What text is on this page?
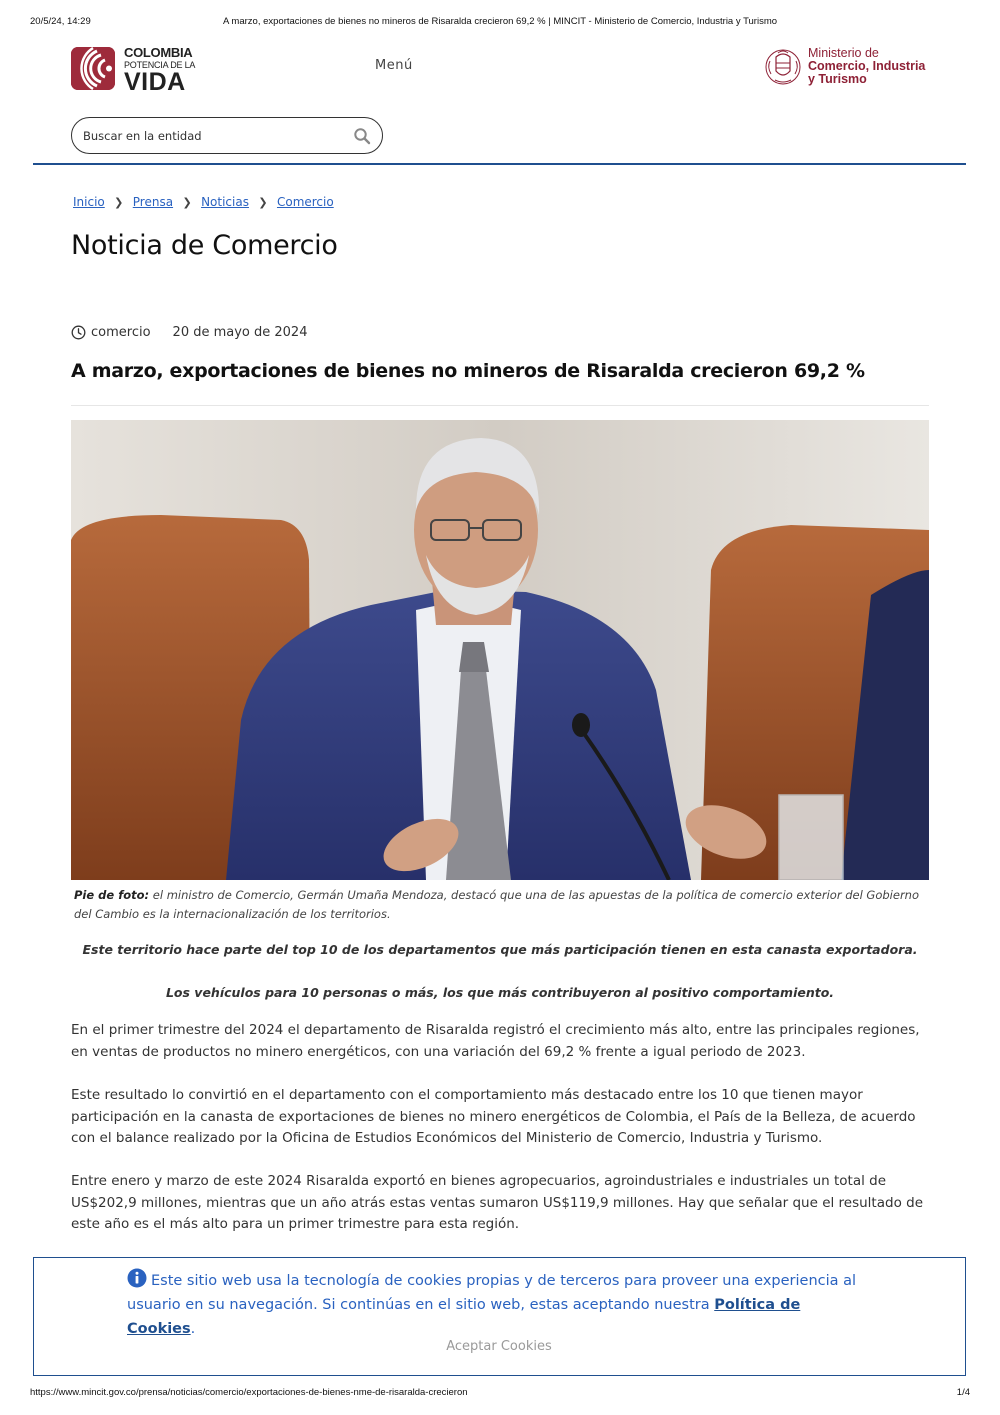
20/5/24, 14:29	A marzo, exportaciones de bienes no mineros de Risaralda crecieron 69,2 % | MINCIT - Ministerio de Comercio, Industria y Turismo
COLOMBIA
POTENCIA DE LA
VIDA
Menú
Ministerio de
Comercio, Industria
y Turismo
Buscar en la entidad
Inicio ❯ Prensa ❯ Noticias ❯ Comercio
Noticia de Comercio
comercio 20 de mayo de 2024
A marzo, exportaciones de bienes no mineros de Risaralda crecieron 69,2 %

Pie de foto: el ministro de Comercio, Germán Umaña Mendoza, destacó que una de las apuestas de la política de comercio exterior del Gobierno del Cambio es la internacionalización de los territorios.

Este territorio hace parte del top 10 de los departamentos que más participación tienen en esta canasta exportadora.

Los vehículos para 10 personas o más, los que más contribuyeron al positivo comportamiento.

En el primer trimestre del 2024 el departamento de Risaralda registró el crecimiento más alto, entre las principales regiones, en ventas de productos no minero energéticos, con una variación del 69,2 % frente a igual periodo de 2023.

Este resultado lo convirtió en el departamento con el comportamiento más destacado entre los 10 que tienen mayor participación en la canasta de exportaciones de bienes no minero energéticos de Colombia, el País de la Belleza, de acuerdo con el balance realizado por la Oficina de Estudios Económicos del Ministerio de Comercio, Industria y Turismo.

Entre enero y marzo de este 2024 Risaralda exportó en bienes agropecuarios, agroindustriales e industriales un total de US$202,9 millones, mientras que un año atrás estas ventas sumaron US$119,9 millones. Hay que señalar que el resultado de este año es el más alto para un primer trimestre para esta región.

Este sitio web usa la tecnología de cookies propias y de terceros para proveer una experiencia al usuario en su navegación. Si continúas en el sitio web, estas aceptando nuestra Política de Cookies.

Aceptar Cookies
https://www.mincit.gov.co/prensa/noticias/comercio/exportaciones-de-bienes-nme-de-risaralda-crecieron	1/4
